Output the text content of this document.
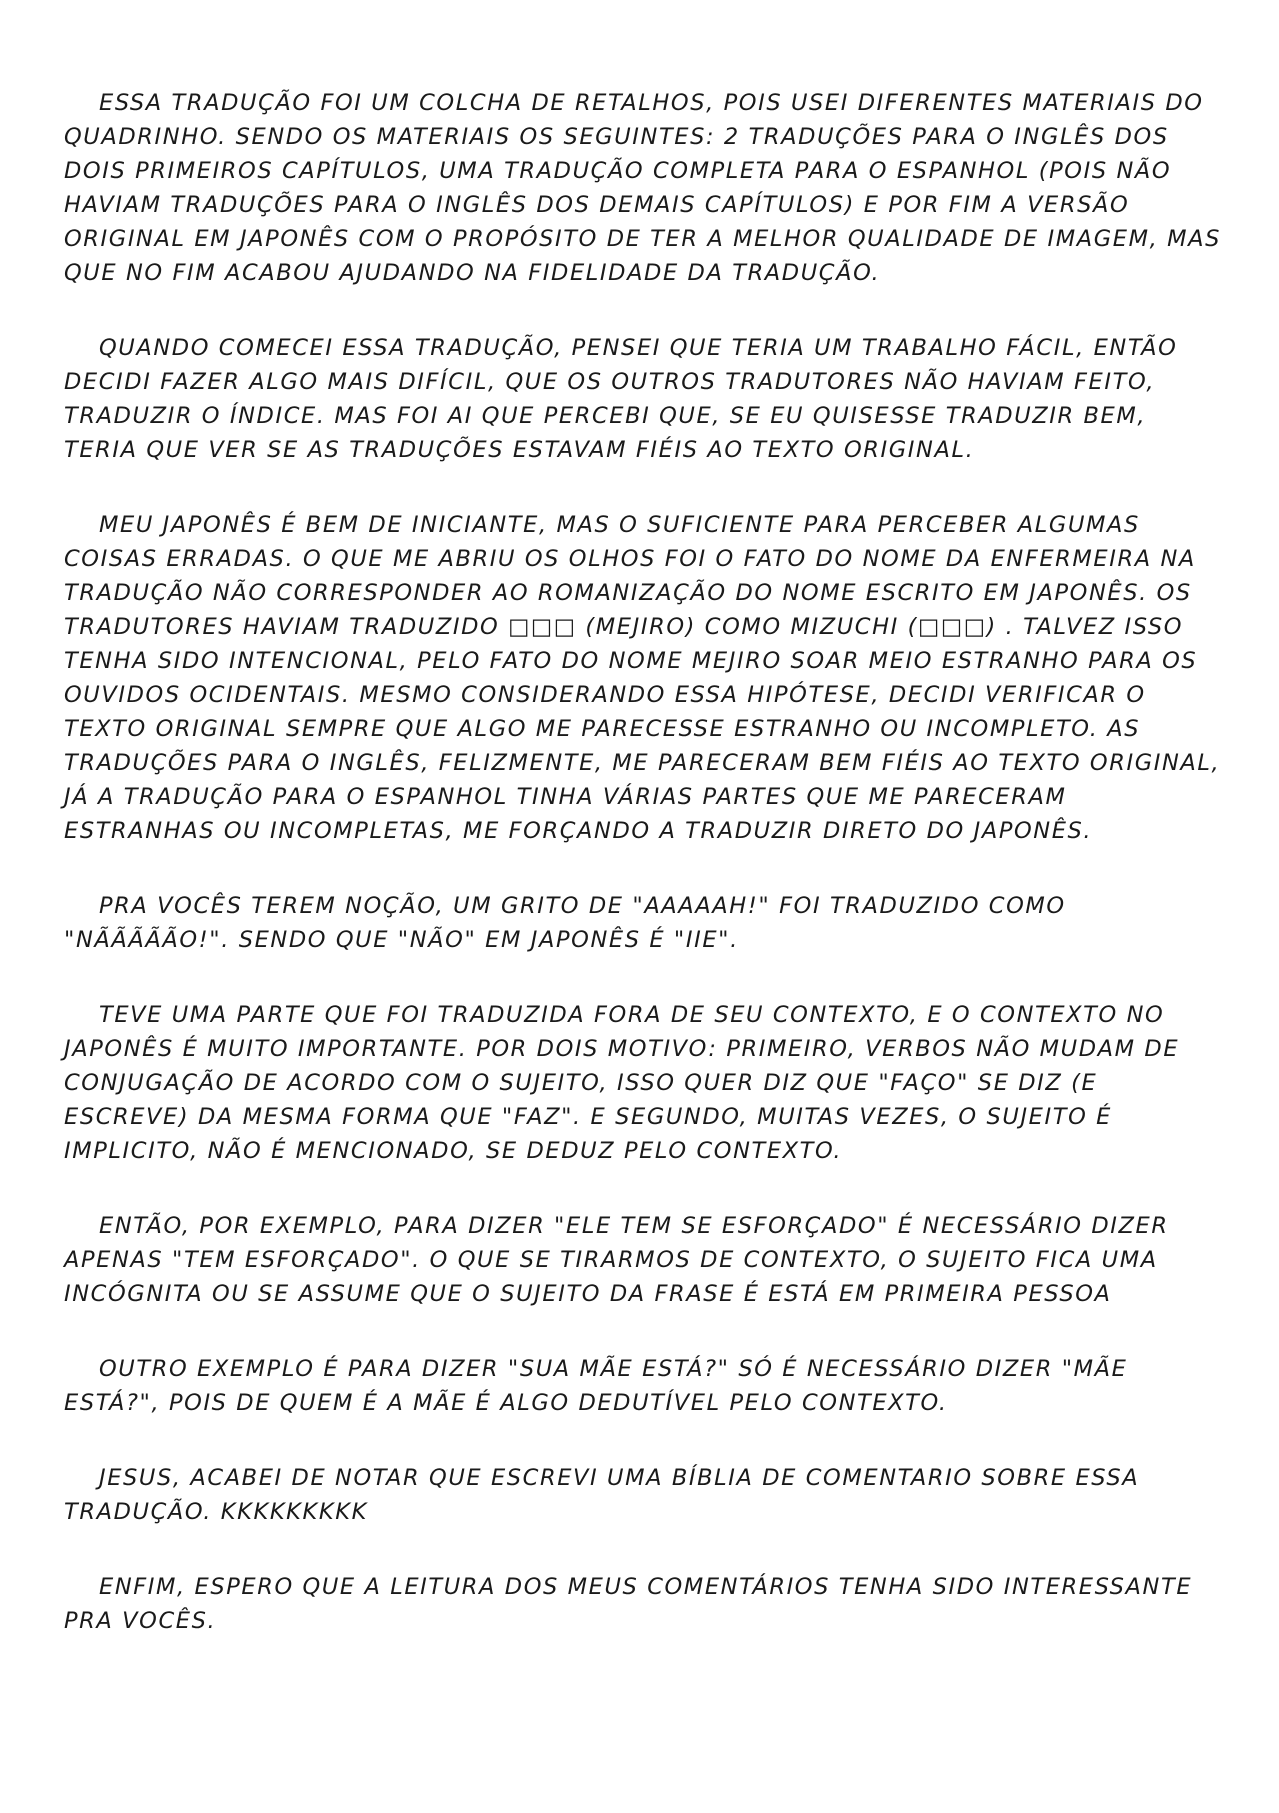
ESSA TRADUÇÃO FOI UM COLCHA DE RETALHOS, POIS USEI DIFERENTES MATERIAIS DO QUADRINHO. SENDO OS MATERIAIS OS SEGUINTES: 2 TRADUÇÕES PARA O INGLÊS DOS DOIS PRIMEIROS CAPÍTULOS, UMA TRADUÇÃO COMPLETA PARA O ESPANHOL (POIS NÃO HAVIAM TRADUÇÕES PARA O INGLÊS DOS DEMAIS CAPÍTULOS) E POR FIM A VERSÃO ORIGINAL EM JAPONÊS COM O PROPÓSITO DE TER A MELHOR QUALIDADE DE IMAGEM, MAS QUE NO FIM ACABOU AJUDANDO NA FIDELIDADE DA TRADUÇÃO.

QUANDO COMECEI ESSA TRADUÇÃO, PENSEI QUE TERIA UM TRABALHO FÁCIL, ENTÃO DECIDI FAZER ALGO MAIS DIFÍCIL, QUE OS OUTROS TRADUTORES NÃO HAVIAM FEITO, TRADUZIR O ÍNDICE. MAS FOI AI QUE PERCEBI QUE, SE EU QUISESSE TRADUZIR BEM, TERIA QUE VER SE AS TRADUÇÕES ESTAVAM FIÉIS AO TEXTO ORIGINAL.

MEU JAPONÊS É BEM DE INICIANTE, MAS O SUFICIENTE PARA PERCEBER ALGUMAS COISAS ERRADAS. O QUE ME ABRIU OS OLHOS FOI O FATO DO NOME DA ENFERMEIRA NA TRADUÇÃO NÃO CORRESPONDER AO ROMANIZAÇÃO DO NOME ESCRITO EM JAPONÊS. OS TRADUTORES HAVIAM TRADUZIDO □□□ (MEJIRO) COMO MIZUCHI (□□□) . TALVEZ ISSO TENHA SIDO INTENCIONAL, PELO FATO DO NOME MEJIRO SOAR MEIO ESTRANHO PARA OS OUVIDOS OCIDENTAIS. MESMO CONSIDERANDO ESSA HIPÓTESE, DECIDI VERIFICAR O TEXTO ORIGINAL SEMPRE QUE ALGO ME PARECESSE ESTRANHO OU INCOMPLETO. AS TRADUÇÕES PARA O INGLÊS, FELIZMENTE, ME PARECERAM BEM FIÉIS AO TEXTO ORIGINAL, JÁ A TRADUÇÃO PARA O ESPANHOL TINHA VÁRIAS PARTES QUE ME PARECERAM ESTRANHAS OU INCOMPLETAS, ME FORÇANDO A TRADUZIR DIRETO DO JAPONÊS.

PRA VOCÊS TEREM NOÇÃO, UM GRITO DE "AAAAAH!" FOI TRADUZIDO COMO "NÃÃÃÃÃO!". SENDO QUE "NÃO" EM JAPONÊS É "IIE".

TEVE UMA PARTE QUE FOI TRADUZIDA FORA DE SEU CONTEXTO, E O CONTEXTO NO JAPONÊS É MUITO IMPORTANTE. POR DOIS MOTIVO: PRIMEIRO, VERBOS NÃO MUDAM DE CONJUGAÇÃO DE ACORDO COM O SUJEITO, ISSO QUER DIZ QUE "FAÇO" SE DIZ (E ESCREVE) DA MESMA FORMA QUE "FAZ". E SEGUNDO, MUITAS VEZES, O SUJEITO É IMPLICITO, NÃO É MENCIONADO, SE DEDUZ PELO CONTEXTO.

ENTÃO, POR EXEMPLO, PARA DIZER "ELE TEM SE ESFORÇADO" É NECESSÁRIO DIZER APENAS "TEM ESFORÇADO". O QUE SE TIRARMOS DE CONTEXTO, O SUJEITO FICA UMA INCÓGNITA OU SE ASSUME QUE O SUJEITO DA FRASE É ESTÁ EM PRIMEIRA PESSOA

OUTRO EXEMPLO É PARA DIZER "SUA MÃE ESTÁ?" SÓ É NECESSÁRIO DIZER "MÃE ESTÁ?", POIS DE QUEM É A MÃE É ALGO DEDUTÍVEL PELO CONTEXTO.

JESUS, ACABEI DE NOTAR QUE ESCREVI UMA BÍBLIA DE COMENTARIO SOBRE ESSA TRADUÇÃO. KKKKKKKKK

ENFIM, ESPERO QUE A LEITURA DOS MEUS COMENTÁRIOS TENHA SIDO INTERESSANTE PRA VOCÊS.
